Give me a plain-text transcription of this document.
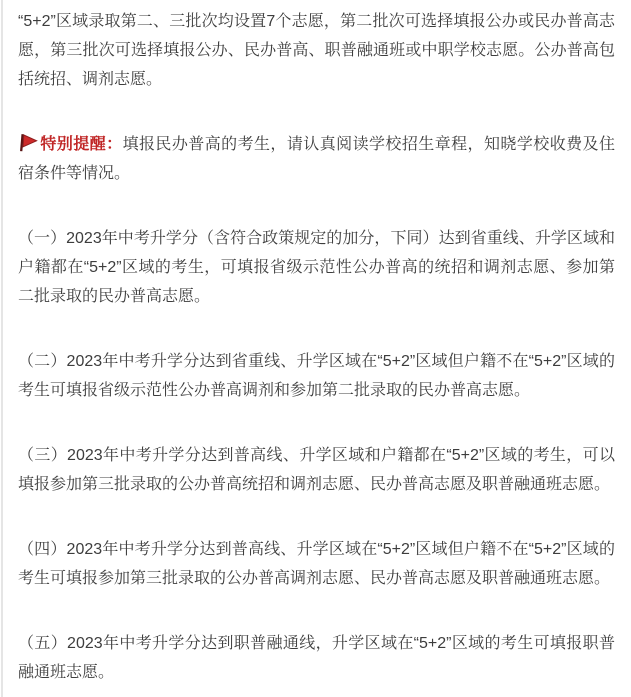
“5+2”区域录取第二、三批次均设置7个志愿，第二批次可选择填报公办或民办普高志愿，第三批次可选择填报公办、民办普高、职普融通班或中职学校志愿。公办普高包括统招、调剂志愿。

特别提醒：填报民办普高的考生，请认真阅读学校招生章程，知晓学校收费及住宿条件等情况。

（一）2023年中考升学分（含符合政策规定的加分，下同）达到省重线、升学区域和户籍都在“5+2”区域的考生，可填报省级示范性公办普高的统招和调剂志愿、参加第二批录取的民办普高志愿。

（二）2023年中考升学分达到省重线、升学区域在“5+2”区域但户籍不在“5+2”区域的考生可填报省级示范性公办普高调剂和参加第二批录取的民办普高志愿。

（三）2023年中考升学分达到普高线、升学区域和户籍都在“5+2”区域的考生，可以填报参加第三批录取的公办普高统招和调剂志愿、民办普高志愿及职普融通班志愿。

（四）2023年中考升学分达到普高线、升学区域在“5+2”区域但户籍不在“5+2”区域的考生可填报参加第三批录取的公办普高调剂志愿、民办普高志愿及职普融通班志愿。

（五）2023年中考升学分达到职普融通线，升学区域在“5+2”区域的考生可填报职普融通班志愿。
